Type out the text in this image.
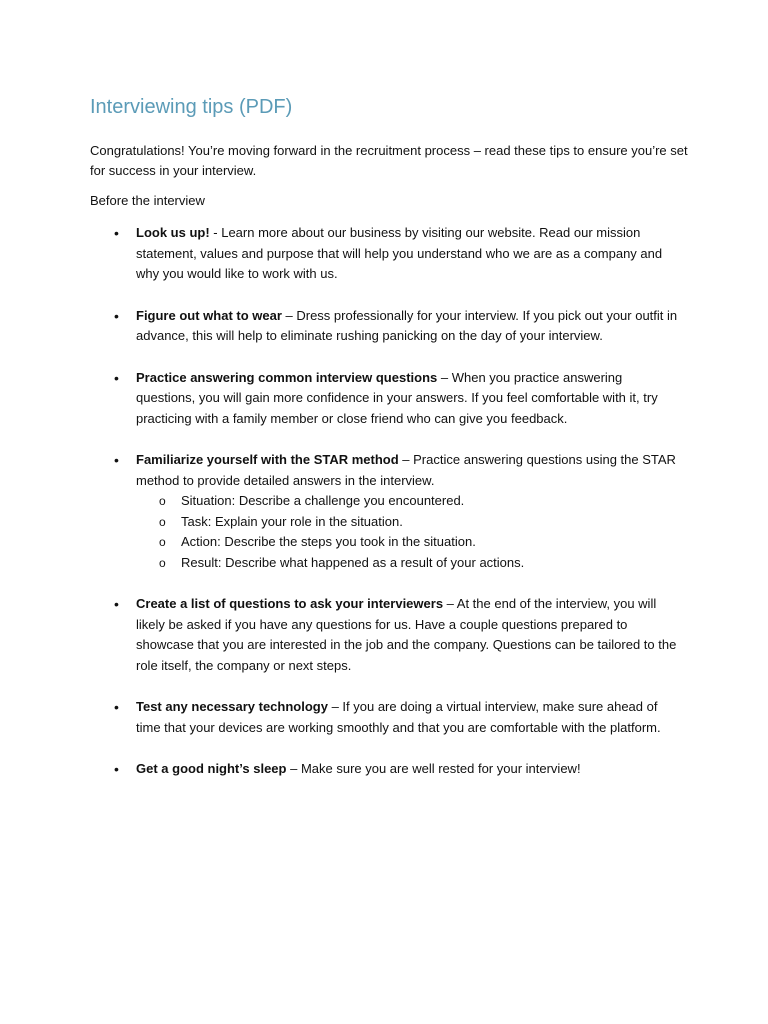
Interviewing tips (PDF)

Congratulations! You’re moving forward in the recruitment process – read these tips to ensure you’re set for success in your interview.

Before the interview

• Look us up! - Learn more about our business by visiting our website. Read our mission statement, values and purpose that will help you understand who we are as a company and why you would like to work with us.
• Figure out what to wear – Dress professionally for your interview. If you pick out your outfit in advance, this will help to eliminate rushing panicking on the day of your interview.
• Practice answering common interview questions – When you practice answering questions, you will gain more confidence in your answers. If you feel comfortable with it, try practicing with a family member or close friend who can give you feedback.
• Familiarize yourself with the STAR method – Practice answering questions using the STAR method to provide detailed answers in the interview.
o Situation: Describe a challenge you encountered.
o Task: Explain your role in the situation.
o Action: Describe the steps you took in the situation.
o Result: Describe what happened as a result of your actions.
• Create a list of questions to ask your interviewers – At the end of the interview, you will likely be asked if you have any questions for us. Have a couple questions prepared to showcase that you are interested in the job and the company. Questions can be tailored to the role itself, the company or next steps.
• Test any necessary technology – If you are doing a virtual interview, make sure ahead of time that your devices are working smoothly and that you are comfortable with the platform.
• Get a good night’s sleep – Make sure you are well rested for your interview!
